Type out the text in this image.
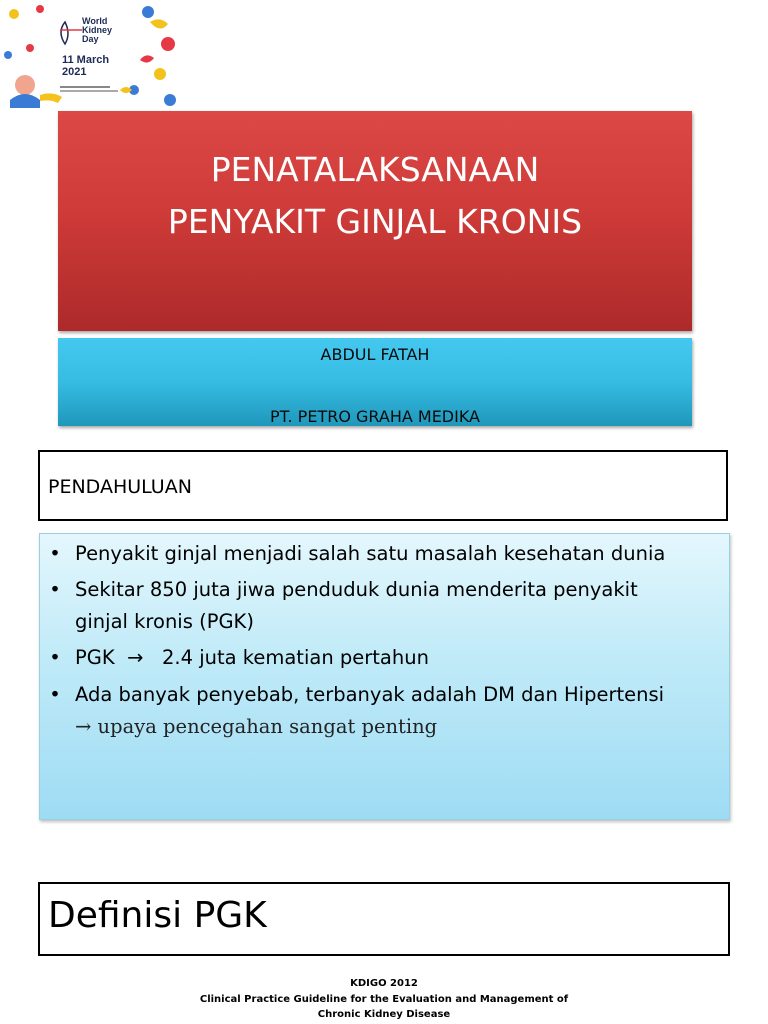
World
Kidney
Day
11 March
2021
PENATALAKSANAAN
PENYAKIT GINJAL KRONIS
ABDUL FATAH
PT. PETRO GRAHA MEDIKA
PENDAHULUAN
• Penyakit ginjal menjadi salah satu masalah kesehatan dunia
• Sekitar 850 juta jiwa penduduk dunia menderita penyakit
ginjal kronis (PGK)
• PGK  →   2.4 juta kematian pertahun
• Ada banyak penyebab, terbanyak adalah DM dan Hipertensi
→ upaya pencegahan sangat penting
Definisi PGK
KDIGO 2012
Clinical Practice Guideline for the Evaluation and Management of
Chronic Kidney Disease
